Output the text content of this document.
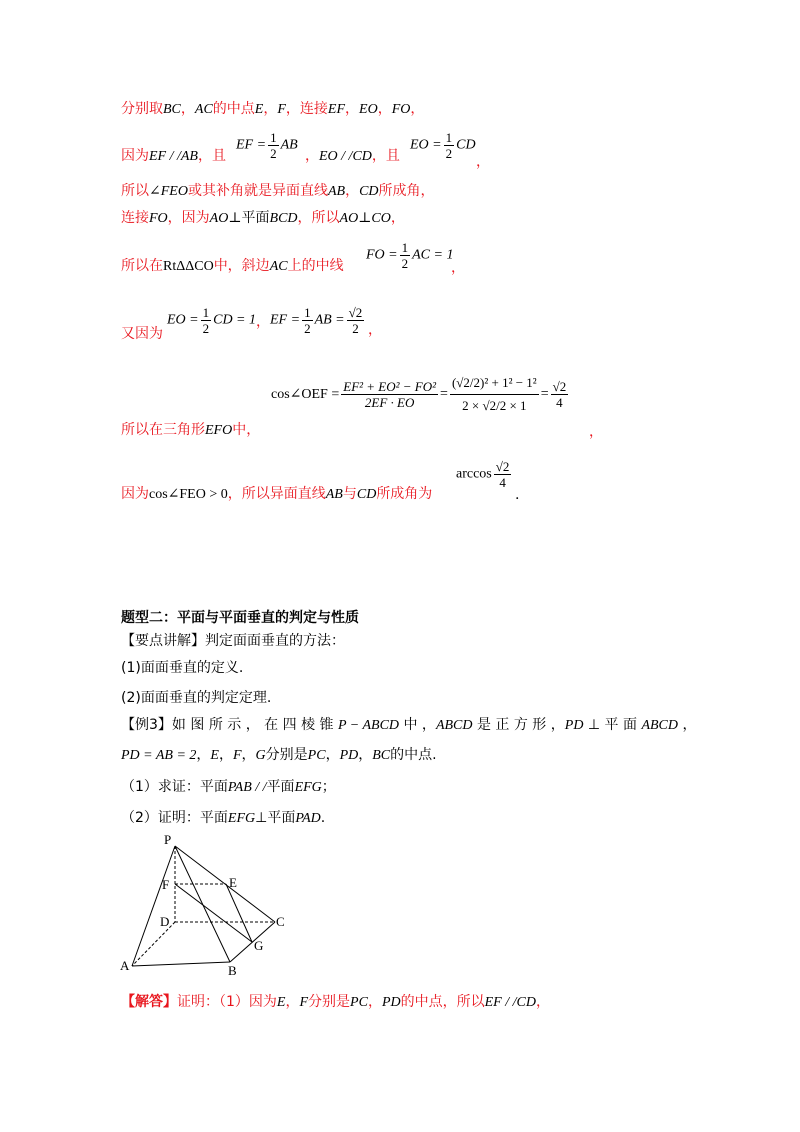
分别取BC，AC的中点E，F，连接EF，EO，FO，
因为EF / /AB，且
EF = $\frac{1}{2}$ AB
，EO / /CD，且
EO = $\frac{1}{2}$ CD
，
所以∠FEO或其补角就是异面直线AB，CD所成角，
连接FO，因为AO⊥平面BCD，所以AO⊥CO，
所以在RtΔΔCO中，斜边AC上的中线
FO = $\frac{1}{2}$ AC = 1
，
又因为
EO = $\frac{1}{2}$ CD = 1 ， EF = $\frac{1}{2}$ AB = $\frac{√2}{2}$ ，
所以在三角形EFO中，
cos∠OEF = $\frac{\text{EF² + EO² − FO²}}{2EF \cdot EO} = \frac{\text{(√2/2)² + 1² − 1²}}{2 \times √2/2 \times 1} = \frac{√2}{4}$
，
因为cos∠FEO > 0，所以异面直线AB与CD所成角为
$\arccos \frac{√2}{4}$
.
题型二：平面与平面垂直的判定与性质
【要点讲解】判定面面垂直的方法：
(1)面面垂直的定义.
(2)面面垂直的判定定理.
【例3】如 图 所 示 ， 在 四 棱 锥 P − ABCD 中 ，ABCD 是 正 方 形 ，PD ⊥ 平 面 ABCD ，
PD = AB = 2，E，F，G分别是PC，PD，BC的中点.
（1）求证：平面PAB / /平面EFG；
（2）证明：平面EFG⊥平面PAD.
P
F	E
D	C
G
A	B
【解答】证明：（1）因为E，F分别是PC，PD的中点，所以EF / /CD，
